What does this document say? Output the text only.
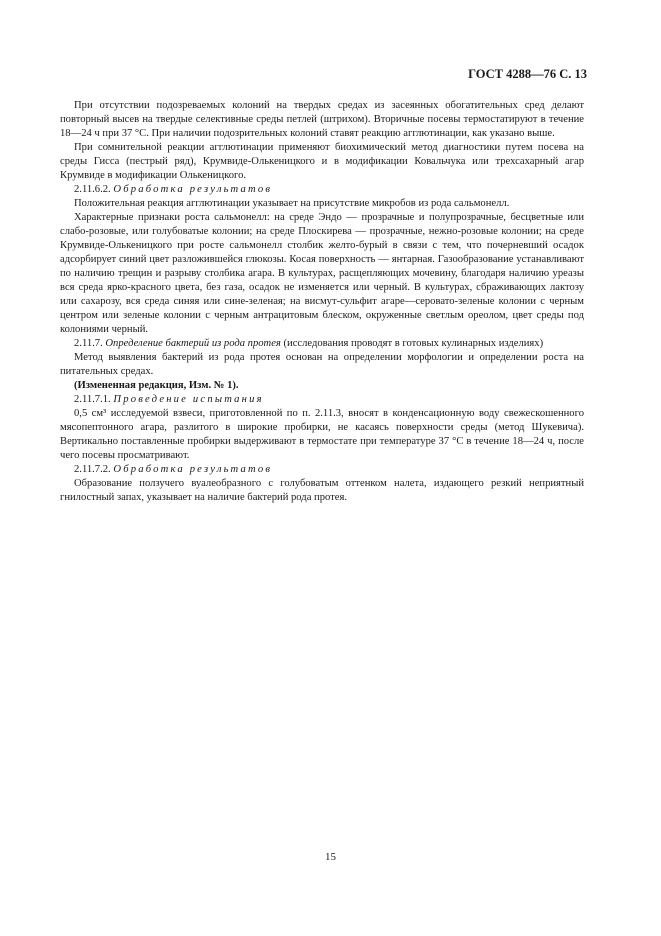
ГОСТ 4288—76 С. 13

При отсутствии подозреваемых колоний на твердых средах из засеянных обогатительных сред делают повторный высев на твердые селективные среды петлей (штрихом). Вторичные посевы термостатируют в течение 18—24 ч при 37 °С. При наличии подозрительных колоний ставят реакцию агглютинации, как указано выше.

При сомнительной реакции агглютинации применяют биохимический метод диагностики путем посева на среды Гисса (пестрый ряд), Крумвиде-Олькеницкого и в модификации Ковальчука или трехсахарный агар Крумвиде в модификации Олькеницкого.

2.11.6.2. Обработка результатов

Положительная реакция агглютинации указывает на присутствие микробов из рода сальмонелл.

Характерные признаки роста сальмонелл: на среде Эндо — прозрачные и полупрозрачные, бесцветные или слабо-розовые, или голубоватые колонии; на среде Плоскирева — прозрачные, нежно-розовые колонии; на среде Крумвиде-Олькеницкого при росте сальмонелл столбик желто-бурый в связи с тем, что почерневший осадок адсорбирует синий цвет разложившейся глюкозы. Косая поверхность — янтарная. Газообразование устанавливают по наличию трещин и разрыву столбика агара. В культурах, расщепляющих мочевину, благодаря наличию уреазы вся среда ярко-красного цвета, без газа, осадок не изменяется или черный. В культурах, сбраживающих лактозу или сахарозу, вся среда синяя или сине-зеленая; на висмут-сульфит агаре—серовато-зеленые колонии с черным центром или зеленые колонии с черным антрацитовым блеском, окруженные светлым ореолом, цвет среды под колониями черный.

2.11.7. Определение бактерий из рода протея (исследования проводят в готовых кулинарных изделиях)

Метод выявления бактерий из рода протея основан на определении морфологии и определении роста на питательных средах.

(Измененная редакция, Изм. № 1).

2.11.7.1. Проведение испытания

0,5 см³ исследуемой взвеси, приготовленной по п. 2.11.3, вносят в конденсационную воду свежескошенного мясопептонного агара, разлитого в широкие пробирки, не касаясь поверхности среды (метод Шукевича). Вертикально поставленные пробирки выдерживают в термостате при температуре 37 °С в течение 18—24 ч, после чего посевы просматривают.

2.11.7.2. Обработка результатов

Образование ползучего вуалеобразного с голубоватым оттенком налета, издающего резкий неприятный гнилостный запах, указывает на наличие бактерий рода протея.

15
